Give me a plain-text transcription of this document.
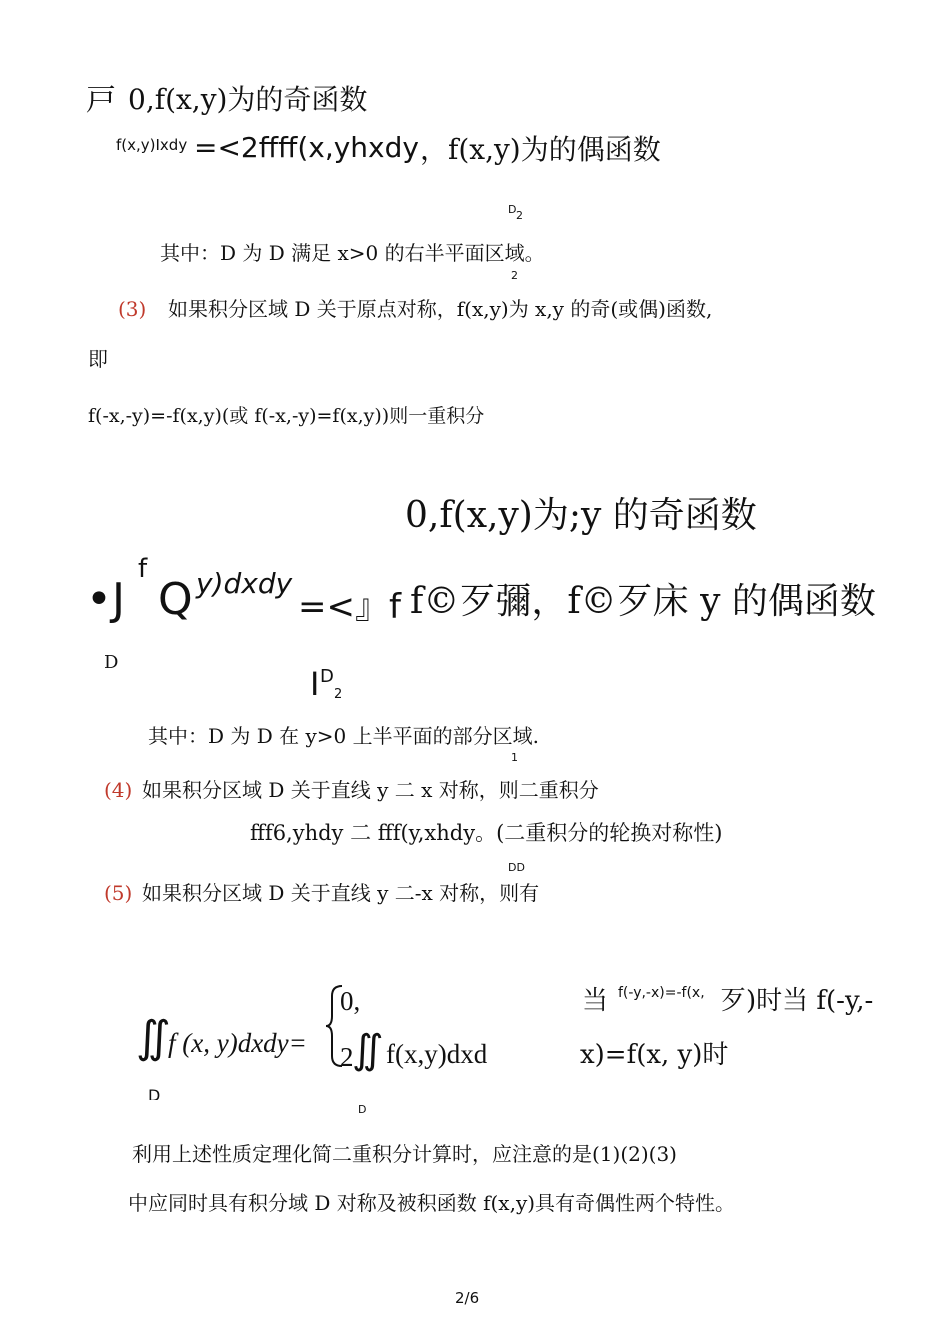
戸 0,f(x,y)为的奇函数
f(x,y)Ixdy =<2ffff(x,yhxdy ，f(x,y)为的偶函数
D 2
其中：D 为 D 满足 x>0 的右半平面区域。
2
(3) 如果积分区域 D 关于原点对称，f(x,y)为 x,y 的奇(或偶)函数,
即
f(-x,-y)=-f(x,y)(或 f(-x,-y)=f(x,y))则一重积分
0,f(x,y)为;y 的奇函数
•J
f
Q y)dxdy
=<』f f©歹彌，f©歹床 y 的偶函数
D
I D
2
其中：D 为 D 在 y>0 上半平面的部分区域.
1
(4) 如果积分区域 D 关于直线 y 二 x 对称，则二重积分
fff6,yhdy 二 fff(y,xhdy。(二重积分的轮换对称性)
DD
(5) 如果积分区域 D 关于直线 y 二-x 对称，则有
∬
f (x, y)dxdy=
0,
2
∬ f(x,y)dxd
D
D
当 f(-y,-x)=-f(x, 歹)时当 f(-y,-
x)=f(x, y)时
利用上述性质定理化简二重积分计算时，应注意的是(1)(2)(3)
中应同时具有积分域 D 对称及被积函数 f(x,y)具有奇偶性两个特性。
2/6
